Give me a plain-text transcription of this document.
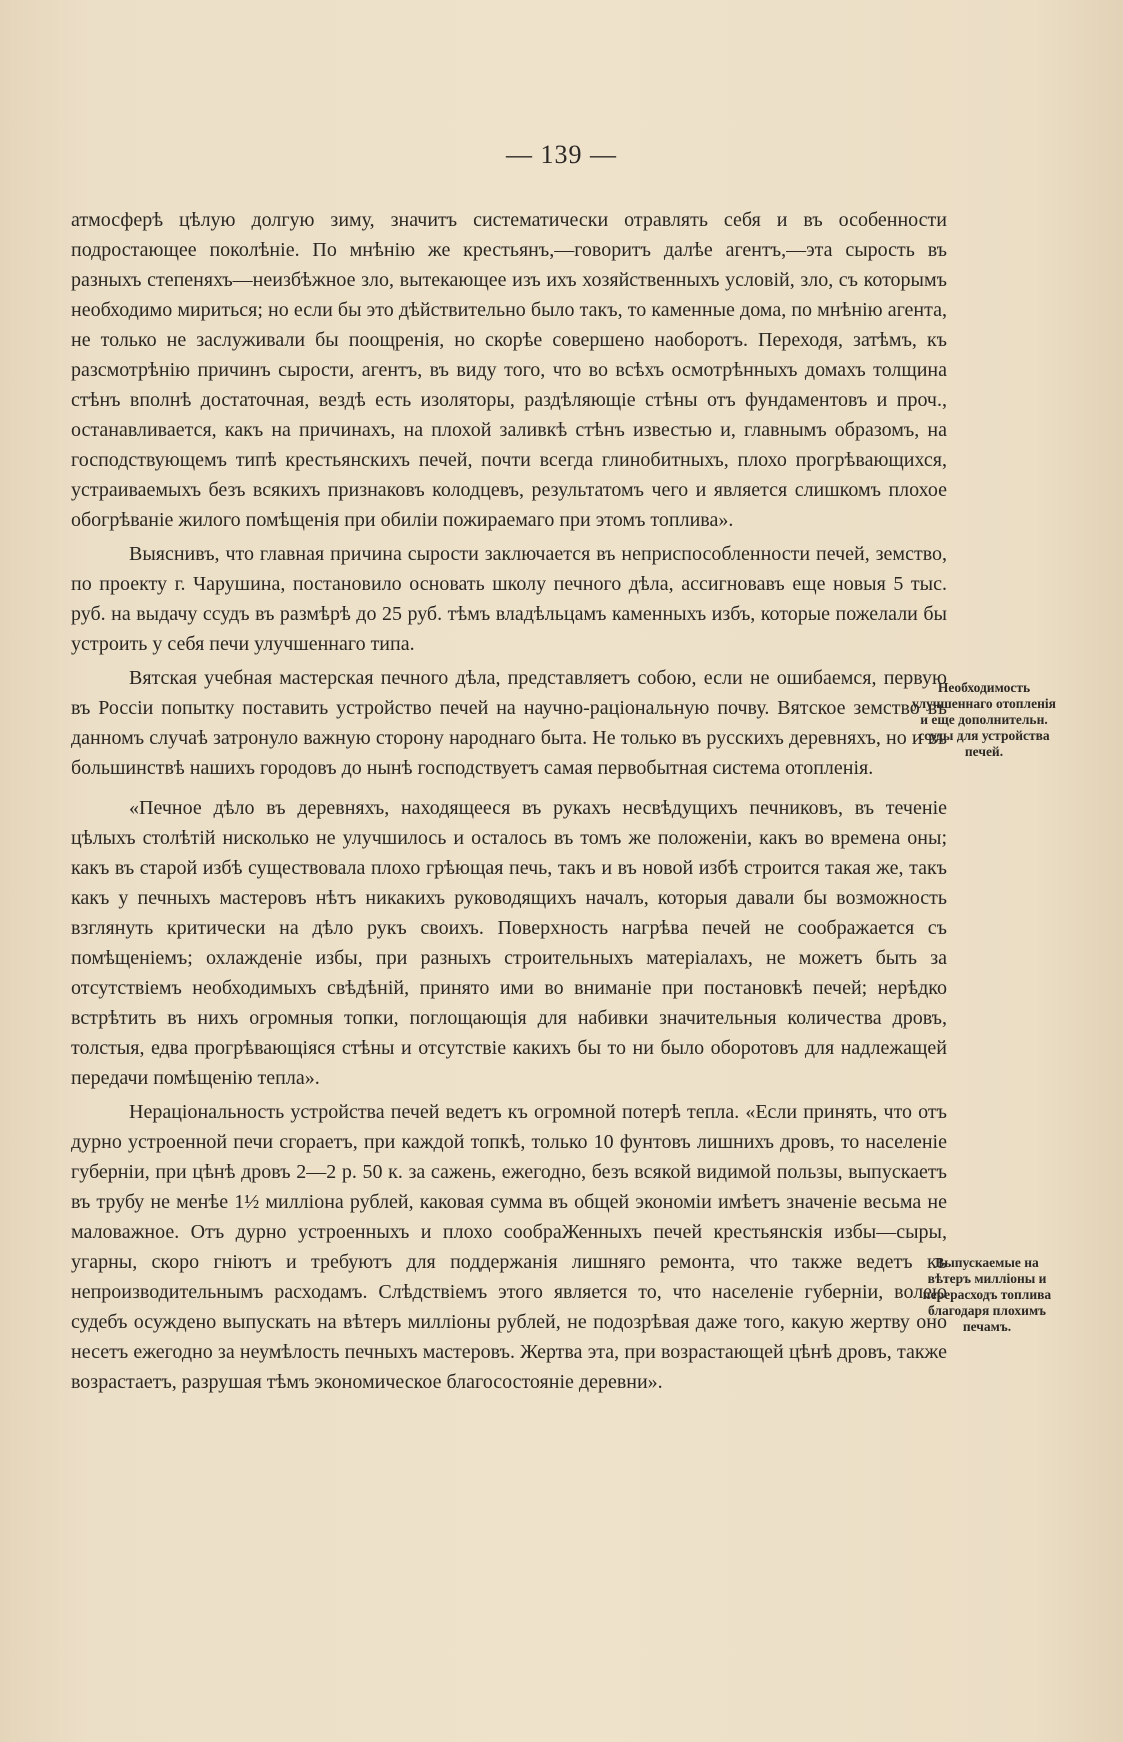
— 139 —

атмосферѣ цѣлую долгую зиму, значитъ систематически отравлять себя и въ особенности подростающее поколѣніе. По мнѣнію же крестьянъ,—говоритъ далѣе агентъ,—эта сырость въ разныхъ степеняхъ—неизбѣжное зло, вытекающее изъ ихъ хозяйственныхъ условій, зло, съ которымъ необходимо мириться; но если бы это дѣйствительно было такъ, то каменные дома, по мнѣнію агента, не только не заслуживали бы поощренія, но скорѣе совершено наоборотъ. Переходя, затѣмъ, къ разсмотрѣнію причинъ сырости, агентъ, въ виду того, что во всѣхъ осмотрѣнныхъ домахъ толщина стѣнъ вполнѣ достаточная, вездѣ есть изоляторы, раздѣляющіе стѣны отъ фундаментовъ и проч., останавливается, какъ на причинахъ, на плохой заливкѣ стѣнъ известью и, главнымъ образомъ, на господствующемъ типѣ крестьянскихъ печей, почти всегда глинобитныхъ, плохо прогрѣвающихся, устраиваемыхъ безъ всякихъ признаковъ колодцевъ, результатомъ чего и является слишкомъ плохое обогрѣваніе жилого помѣщенія при обиліи пожираемаго при этомъ топлива».

Выяснивъ, что главная причина сырости заключается въ неприспособленности печей, земство, по проекту г. Чарушина, постановило основать школу печного дѣла, ассигновавъ еще новыя 5 тыс. руб. на выдачу ссудъ въ размѣрѣ до 25 руб. тѣмъ владѣльцамъ каменныхъ избъ, которые пожелали бы устроить у себя печи улучшеннаго типа.

Вятская учебная мастерская печного дѣла, представляетъ собою, если не ошибаемся, первую въ Россіи попытку поставить устройство печей на научно-раціональную почву. Вятское земство въ данномъ случаѣ затронуло важную сторону народнаго быта. Не только въ русскихъ деревняхъ, но и въ большинствѣ нашихъ городовъ до нынѣ господствуетъ самая первобытная система отопленія.

«Печное дѣло въ деревняхъ, находящееся въ рукахъ несвѣдущихъ печниковъ, въ теченіе цѣлыхъ столѣтій нисколько не улучшилось и осталось въ томъ же положеніи, какъ во времена оны; какъ въ старой избѣ существовала плохо грѣющая печь, такъ и въ новой избѣ строится такая же, такъ какъ у печныхъ мастеровъ нѣтъ никакихъ руководящихъ началъ, которыя давали бы возможность взглянуть критически на дѣло рукъ своихъ. Поверхность нагрѣва печей не соображается съ помѣщеніемъ; охлажденіе избы, при разныхъ строительныхъ матеріалахъ, не можетъ быть за отсутствіемъ необходимыхъ свѣдѣній, принято ими во вниманіе при постановкѣ печей; нерѣдко встрѣтить въ нихъ огромныя топки, поглощающія для набивки значительныя количества дровъ, толстыя, едва прогрѣвающіяся стѣны и отсутствіе какихъ бы то ни было оборотовъ для надлежащей передачи помѣщенію тепла».

Нераціональность устройства печей ведетъ къ огромной потерѣ тепла. «Если принять, что отъ дурно устроенной печи сгораетъ, при каждой топкѣ, только 10 фунтовъ лишнихъ дровъ, то населеніе губерніи, при цѣнѣ дровъ 2—2 р. 50 к. за сажень, ежегодно, безъ всякой видимой пользы, выпускаетъ въ трубу не менѣе 1½ милліона рублей, каковая сумма въ общей экономіи имѣетъ значеніе весьма не маловажное. Отъ дурно устроенныхъ и плохо сообраЖенныхъ печей крестьянскія избы—сыры, угарны, скоро гніютъ и требуютъ для поддержанія лишняго ремонта, что также ведетъ къ непроизводительнымъ расходамъ. Слѣдствіемъ этого является то, что населеніе губерніи, волею судебъ осуждено выпускать на вѣтеръ милліоны рублей, не подозрѣвая даже того, какую жертву оно несетъ ежегодно за неумѣлость печныхъ мастеровъ. Жертва эта, при возрастающей цѣнѣ дровъ, также возрастаетъ, разрушая тѣмъ экономическое благосостояніе деревни».

Необходимость улучшеннаго отопленія и еще дополнительн. ссуды для устройства печей.
Выпускаемые на вѣтеръ милліоны и перерасходъ топлива благодаря плохимъ печамъ.
